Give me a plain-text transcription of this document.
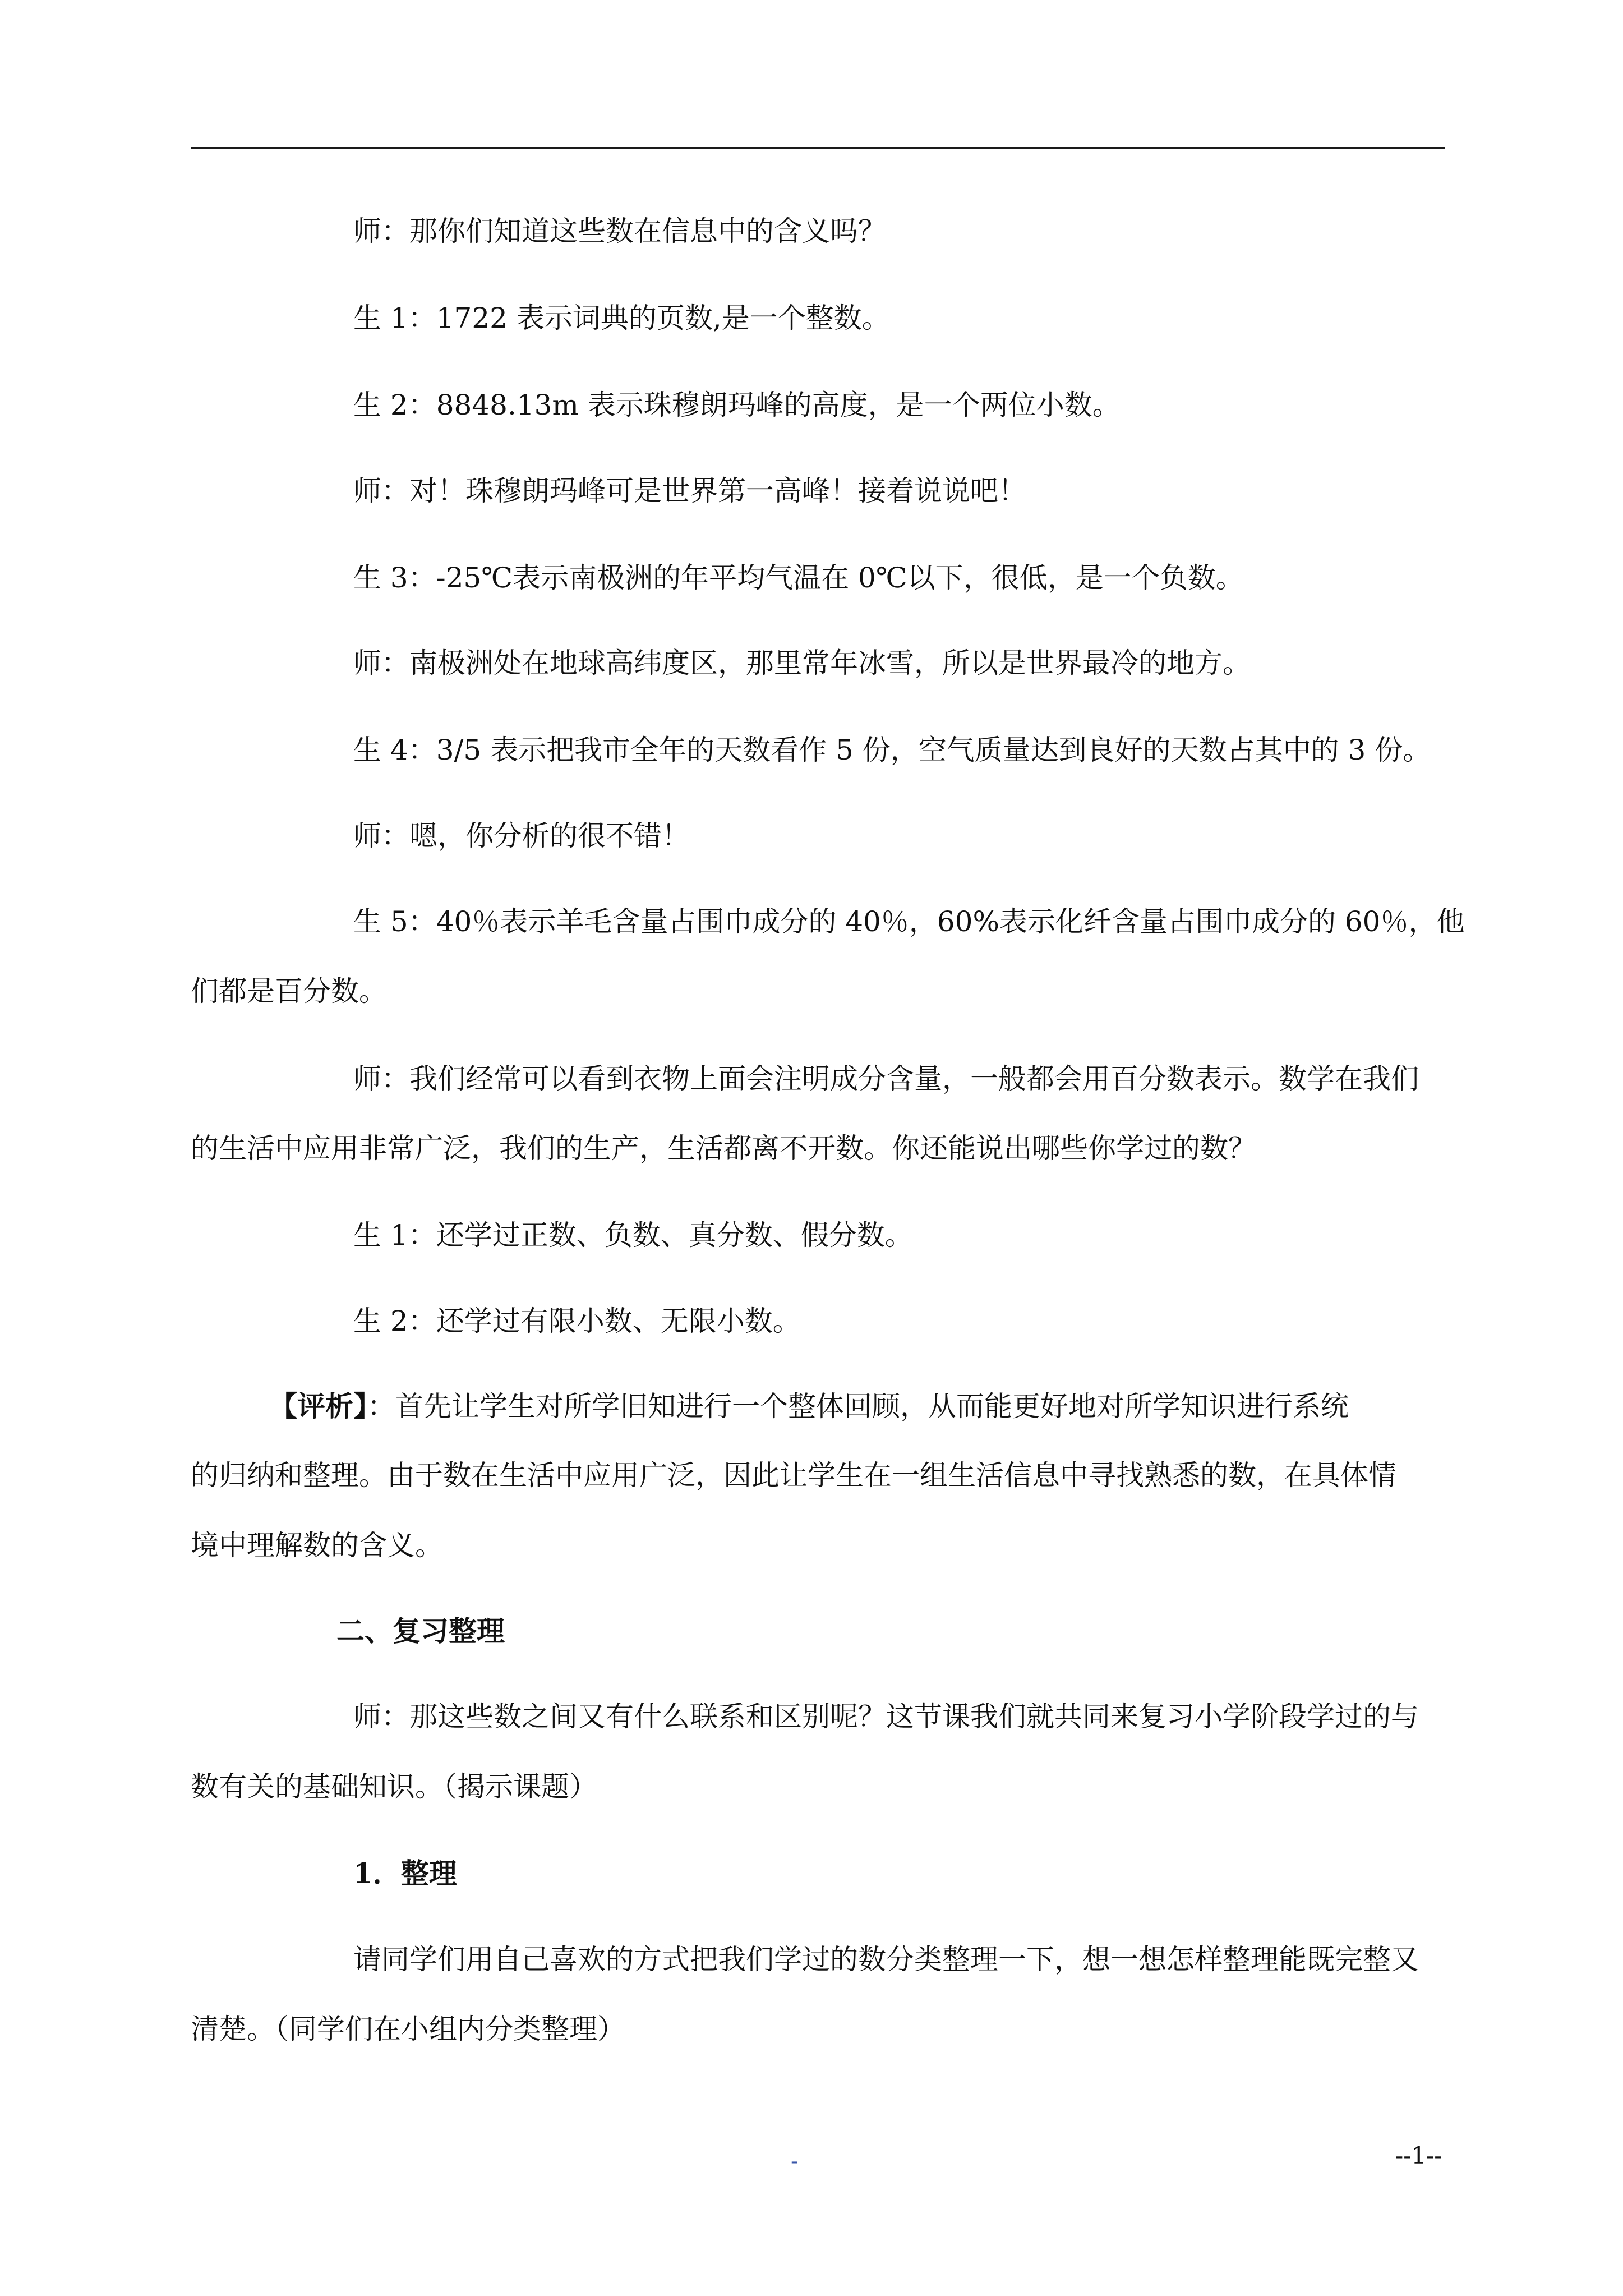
师：那你们知道这些数在信息中的含义吗？

生 1：1722 表示词典的页数,是一个整数。

生 2：8848.13m 表示珠穆朗玛峰的高度，是一个两位小数。

师：对！珠穆朗玛峰可是世界第一高峰！接着说说吧！

生 3：-25℃表示南极洲的年平均气温在 0℃以下，很低，是一个负数。

师：南极洲处在地球高纬度区，那里常年冰雪，所以是世界最冷的地方。

生 4：3/5 表示把我市全年的天数看作 5 份，空气质量达到良好的天数占其中的 3 份。

师：嗯，你分析的很不错！

生 5：40％表示羊毛含量占围巾成分的 40％，60%表示化纤含量占围巾成分的 60％，他

们都是百分数。

师：我们经常可以看到衣物上面会注明成分含量，一般都会用百分数表示。数学在我们

的生活中应用非常广泛，我们的生产，生活都离不开数。你还能说出哪些你学过的数？

生 1：还学过正数、负数、真分数、假分数。

生 2：还学过有限小数、无限小数。

【评析】：首先让学生对所学旧知进行一个整体回顾，从而能更好地对所学知识进行系统

的归纳和整理。由于数在生活中应用广泛，因此让学生在一组生活信息中寻找熟悉的数，在具体情

境中理解数的含义。

二、复习整理

师：那这些数之间又有什么联系和区别呢？这节课我们就共同来复习小学阶段学过的与

数有关的基础知识。（揭示课题）

1．整理

请同学们用自己喜欢的方式把我们学过的数分类整理一下，想一想怎样整理能既完整又

清楚。（同学们在小组内分类整理）

-	--1--
